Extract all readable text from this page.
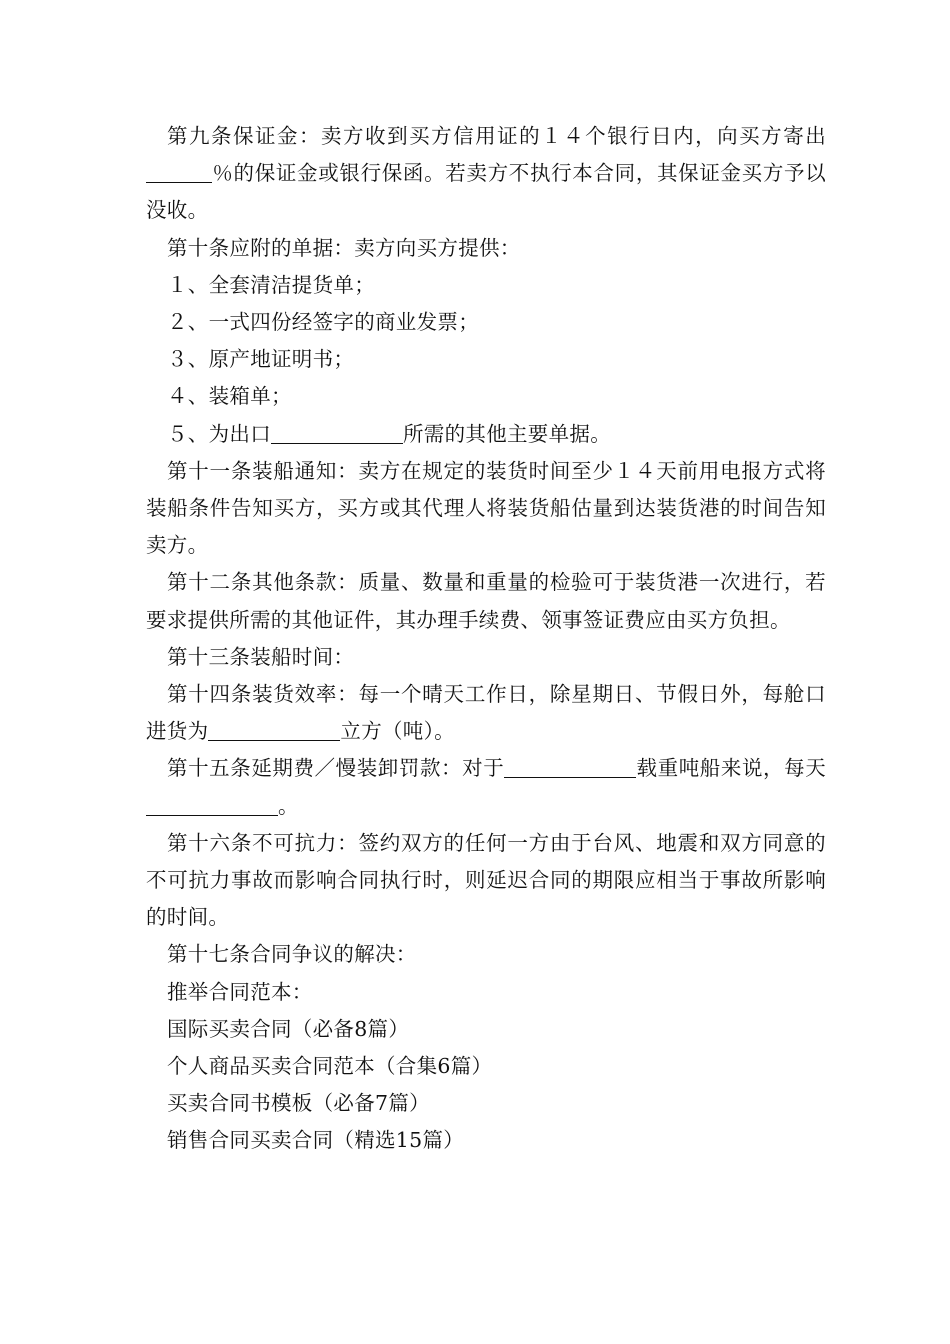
第九条保证金：卖方收到买方信用证的１４个银行日内，向买方寄出％的保证金或银行保函。若卖方不执行本合同，其保证金买方予以没收。

第十条应附的单据：卖方向买方提供：

１、全套清洁提货单；

２、一式四份经签字的商业发票；

３、原产地证明书；

４、装箱单；

５、为出口	所需的其他主要单据。

第十一条装船通知：卖方在规定的装货时间至少１４天前用电报方式将装船条件告知买方，买方或其代理人将装货船估量到达装货港的时间告知卖方。

第十二条其他条款：质量、数量和重量的检验可于装货港一次进行，若要求提供所需的其他证件，其办理手续费、领事签证费应由买方负担。

第十三条装船时间：

第十四条装货效率：每一个晴天工作日，除星期日、节假日外，每舱口进货为	立方（吨）。

第十五条延期费／慢装卸罚款：对于	载重吨船来说，每天。

第十六条不可抗力：签约双方的任何一方由于台风、地震和双方同意的不可抗力事故而影响合同执行时，则延迟合同的期限应相当于事故所影响的时间。

第十七条合同争议的解决：

推举合同范本：

国际买卖合同（必备8篇）

个人商品买卖合同范本（合集6篇）

买卖合同书模板（必备7篇）

销售合同买卖合同（精选15篇）
